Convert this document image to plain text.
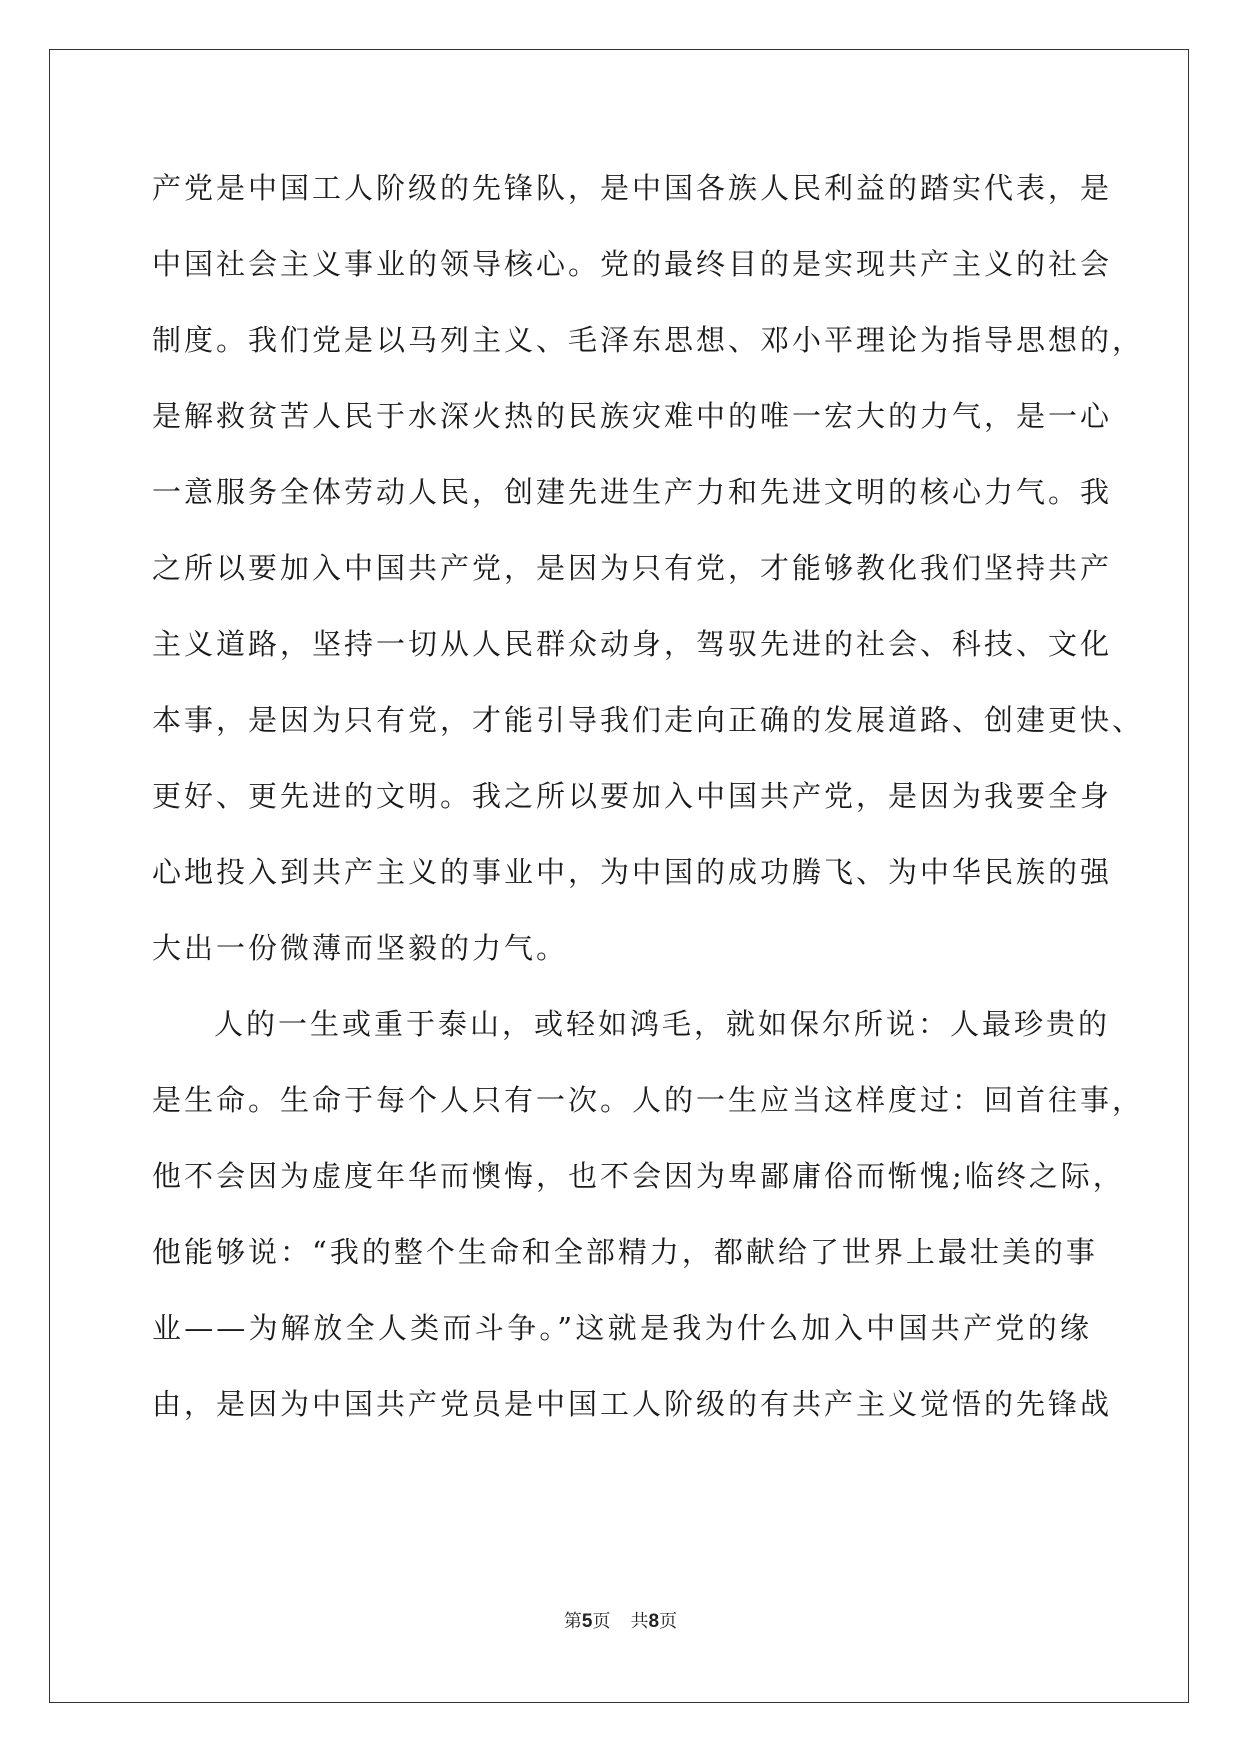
产党是中国工人阶级的先锋队，是中国各族人民利益的踏实代表，是
中国社会主义事业的领导核心。党的最终目的是实现共产主义的社会
制度。我们党是以马列主义、毛泽东思想、邓小平理论为指导思想的，
是解救贫苦人民于水深火热的民族灾难中的唯一宏大的力气，是一心
一意服务全体劳动人民，创建先进生产力和先进文明的核心力气。我
之所以要加入中国共产党，是因为只有党，才能够教化我们坚持共产
主义道路，坚持一切从人民群众动身，驾驭先进的社会、科技、文化
本事，是因为只有党，才能引导我们走向正确的发展道路、创建更快、
更好、更先进的文明。我之所以要加入中国共产党，是因为我要全身
心地投入到共产主义的事业中，为中国的成功腾飞、为中华民族的强
大出一份微薄而坚毅的力气。
人的一生或重于泰山，或轻如鸿毛，就如保尔所说：人最珍贵的
是生命。生命于每个人只有一次。人的一生应当这样度过：回首往事，
他不会因为虚度年华而懊悔，也不会因为卑鄙庸俗而惭愧;临终之际，
他能够说：“我的整个生命和全部精力，都献给了世界上最壮美的事
业——为解放全人类而斗争。”这就是我为什么加入中国共产党的缘
由，是因为中国共产党员是中国工人阶级的有共产主义觉悟的先锋战
第5页 共8页
